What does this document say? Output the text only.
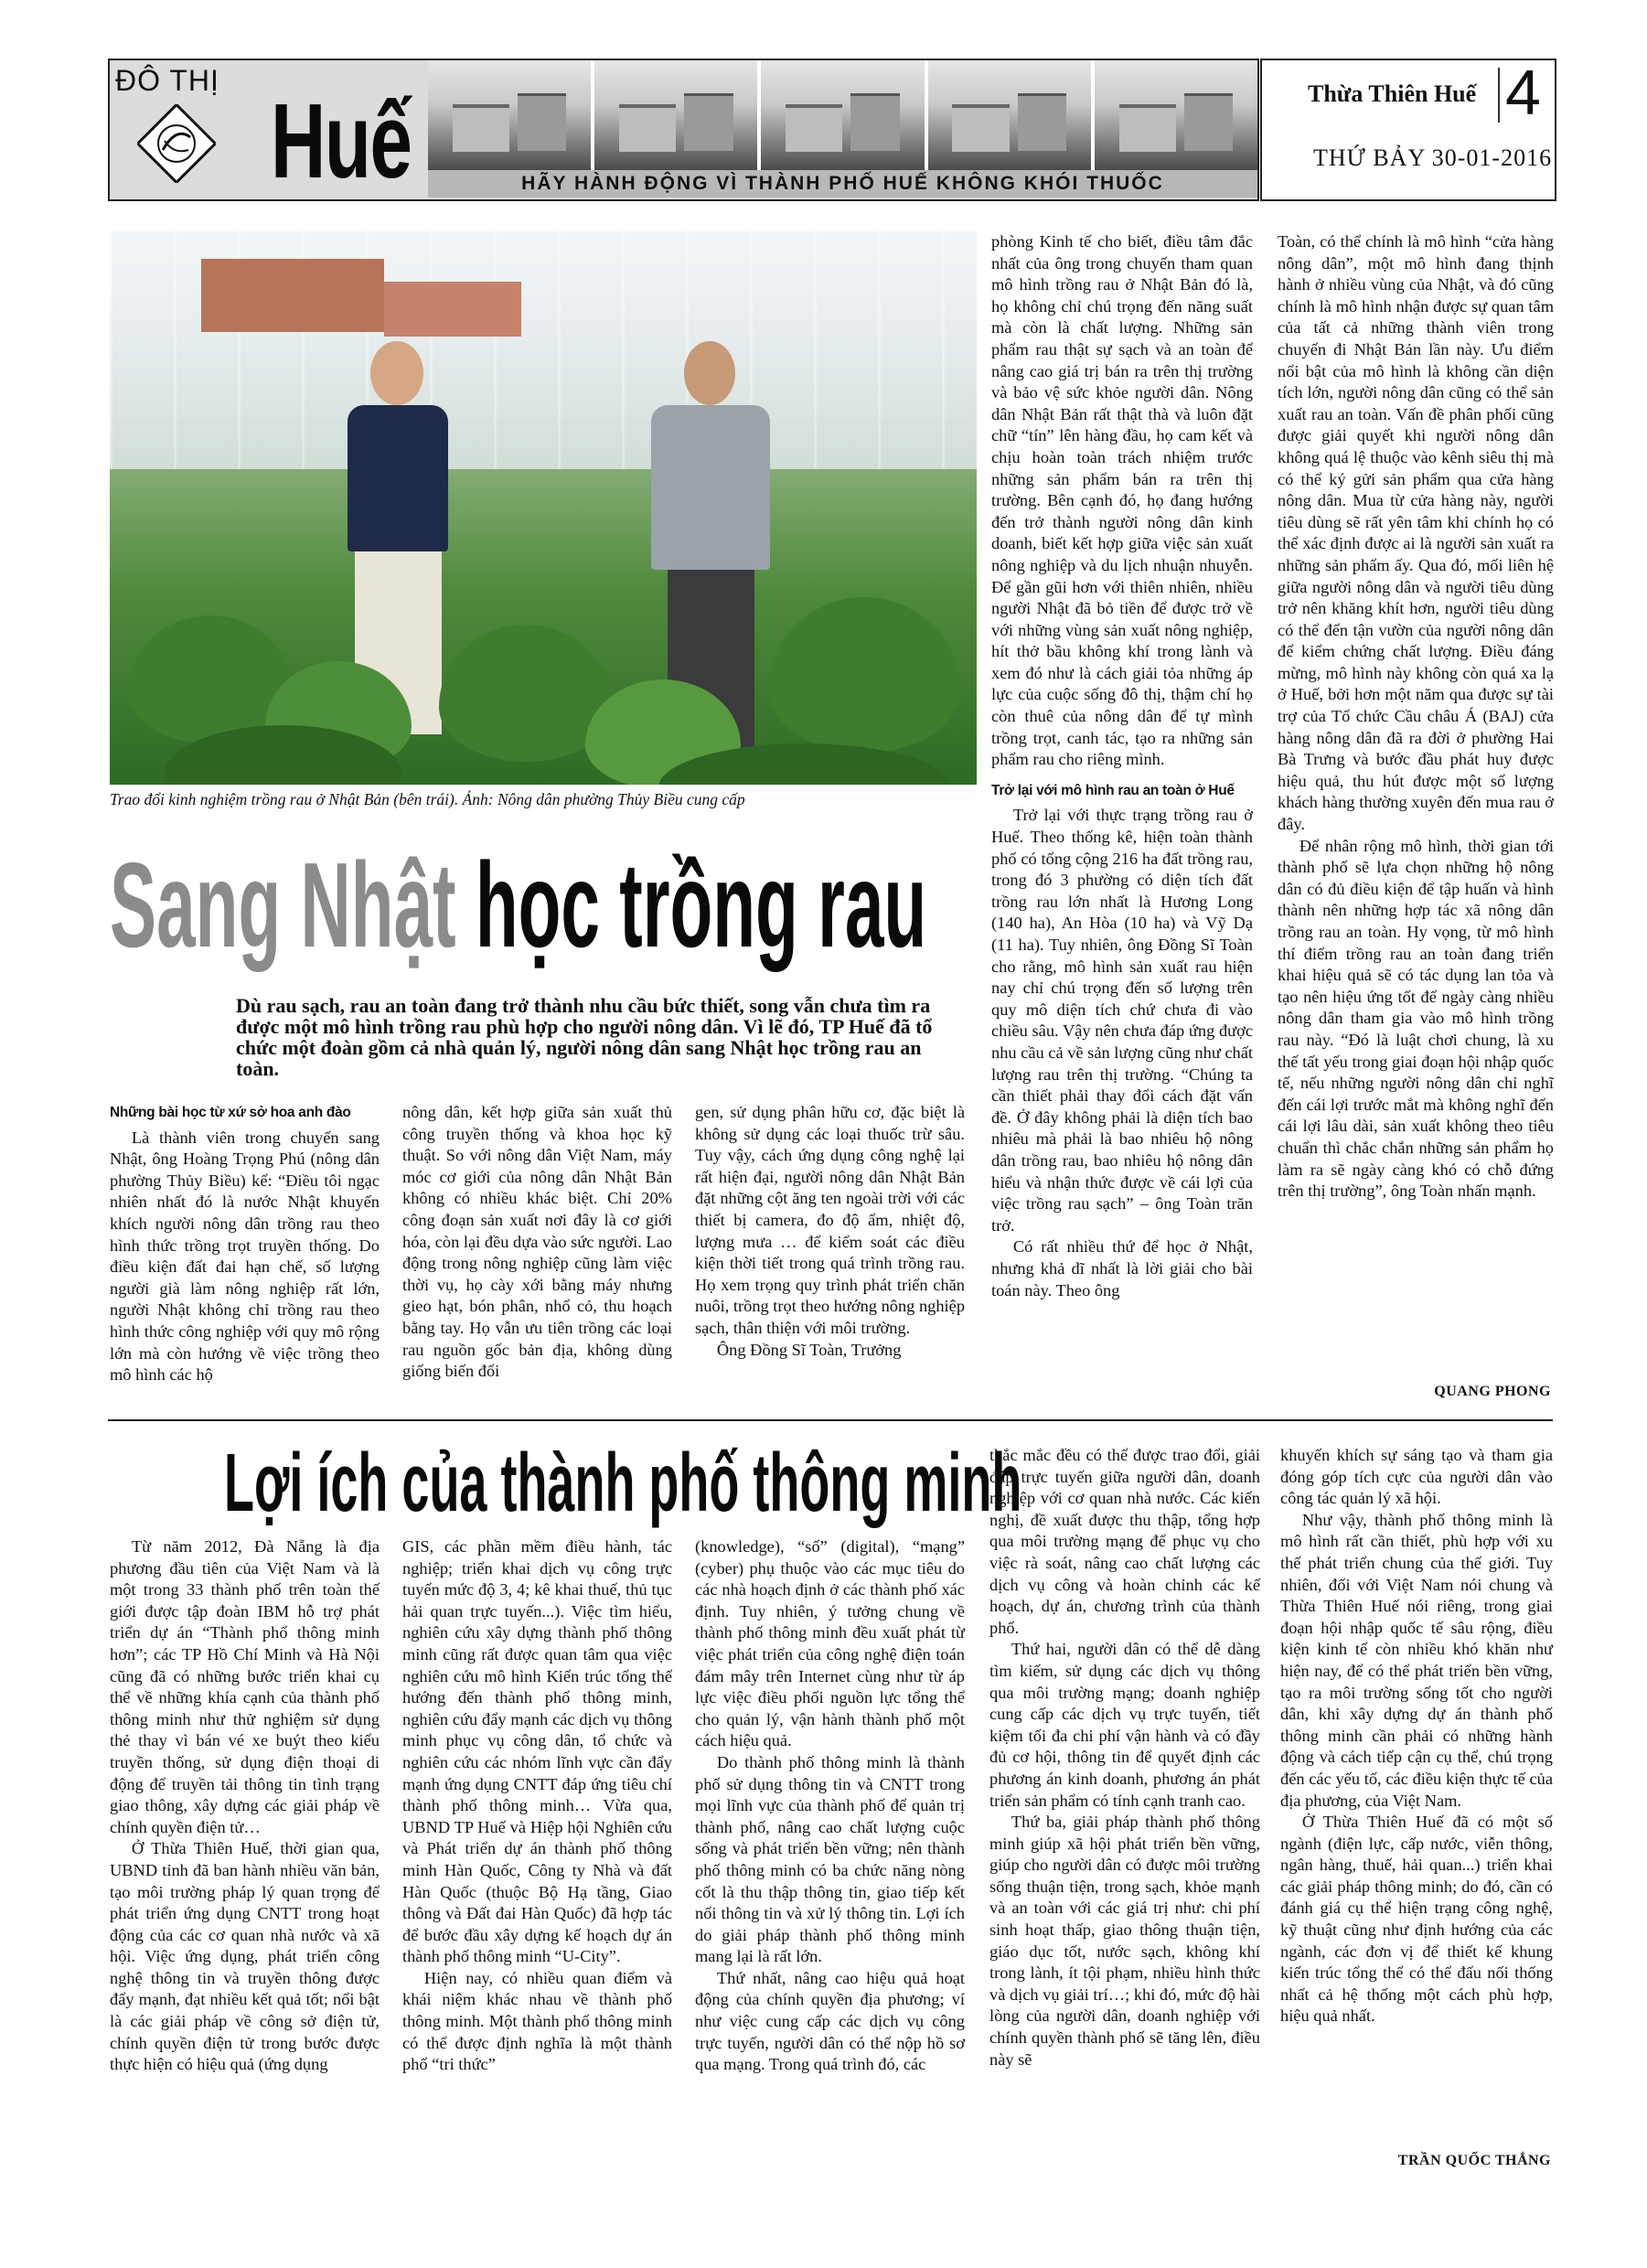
ĐÔ THỊ
Huế	HÃY HÀNH ĐỘNG VÌ THÀNH PHỐ HUẾ KHÔNG KHÓI THUỐC
Thừa Thiên Huế 4
THỨ BẢY 30-01-2016
Trao đổi kinh nghiệm trồng rau ở Nhật Bản (bên trái). Ảnh: Nông dân phường Thủy Biều cung cấp
Sang Nhật học trồng rau
Dù rau sạch, rau an toàn đang trở thành nhu cầu bức thiết, song vẫn chưa tìm ra được một mô hình trồng rau phù hợp cho người nông dân. Vì lẽ đó, TP Huế đã tổ chức một đoàn gồm cả nhà quản lý, người nông dân sang Nhật học trồng rau an toàn.
Những bài học từ xứ sở hoa anh đào

Là thành viên trong chuyến sang Nhật, ông Hoàng Trọng Phú (nông dân phường Thủy Biều) kể: “Điều tôi ngạc nhiên nhất đó là nước Nhật khuyến khích người nông dân trồng rau theo hình thức trồng trọt truyền thống. Do điều kiện đất đai hạn chế, số lượng người già làm nông nghiệp rất lớn, người Nhật không chỉ trồng rau theo hình thức công nghiệp với quy mô rộng lớn mà còn hướng về việc trồng theo mô hình các hộ

nông dân, kết hợp giữa sản xuất thủ công truyền thống và khoa học kỹ thuật. So với nông dân Việt Nam, máy móc cơ giới của nông dân Nhật Bản không có nhiều khác biệt. Chỉ 20% công đoạn sản xuất nơi đây là cơ giới hóa, còn lại đều dựa vào sức người. Lao động trong nông nghiệp cũng làm việc thời vụ, họ cày xới bằng máy nhưng gieo hạt, bón phân, nhổ cỏ, thu hoạch bằng tay. Họ vẫn ưu tiên trồng các loại rau nguồn gốc bản địa, không dùng giống biến đổi

gen, sử dụng phân hữu cơ, đặc biệt là không sử dụng các loại thuốc trừ sâu. Tuy vậy, cách ứng dụng công nghệ lại rất hiện đại, người nông dân Nhật Bản đặt những cột ăng ten ngoài trời với các thiết bị camera, đo độ ẩm, nhiệt độ, lượng mưa … để kiểm soát các điều kiện thời tiết trong quá trình trồng rau. Họ xem trọng quy trình phát triển chăn nuôi, trồng trọt theo hướng nông nghiệp sạch, thân thiện với môi trường.

Ông Đồng Sĩ Toàn, Trưởng

phòng Kinh tế cho biết, điều tâm đắc nhất của ông trong chuyến tham quan mô hình trồng rau ở Nhật Bản đó là, họ không chỉ chú trọng đến năng suất mà còn là chất lượng. Những sản phẩm rau thật sự sạch và an toàn để nâng cao giá trị bán ra trên thị trường và bảo vệ sức khỏe người dân. Nông dân Nhật Bản rất thật thà và luôn đặt chữ “tín” lên hàng đầu, họ cam kết và chịu hoàn toàn trách nhiệm trước những sản phẩm bán ra trên thị trường. Bên cạnh đó, họ đang hướng đến trở thành người nông dân kinh doanh, biết kết hợp giữa việc sản xuất nông nghiệp và du lịch nhuận nhuyễn. Để gần gũi hơn với thiên nhiên, nhiều người Nhật đã bỏ tiền để được trở về với những vùng sản xuất nông nghiệp, hít thở bầu không khí trong lành và xem đó như là cách giải tỏa những áp lực của cuộc sống đô thị, thậm chí họ còn thuê của nông dân để tự mình trồng trọt, canh tác, tạo ra những sản phẩm rau cho riêng mình.

Trở lại với mô hình rau an toàn ở Huế

Trở lại với thực trạng trồng rau ở Huế. Theo thống kê, hiện toàn thành phố có tổng cộng 216 ha đất trồng rau, trong đó 3 phường có diện tích đất trồng rau lớn nhất là Hương Long (140 ha), An Hòa (10 ha) và Vỹ Dạ (11 ha). Tuy nhiên, ông Đồng Sĩ Toàn cho rằng, mô hình sản xuất rau hiện nay chỉ chú trọng đến số lượng trên quy mô diện tích chứ chưa đi vào chiều sâu. Vậy nên chưa đáp ứng được nhu cầu cả về sản lượng cũng như chất lượng rau trên thị trường. “Chúng ta cần thiết phải thay đổi cách đặt vấn đề. Ở đây không phải là diện tích bao nhiêu mà phải là bao nhiêu hộ nông dân trồng rau, bao nhiêu hộ nông dân hiểu và nhận thức được về cái lợi của việc trồng rau sạch” – ông Toàn trăn trở.

Có rất nhiều thứ để học ở Nhật, nhưng khả dĩ nhất là lời giải cho bài toán này. Theo ông

Toàn, có thể chính là mô hình “cửa hàng nông dân”, một mô hình đang thịnh hành ở nhiều vùng của Nhật, và đó cũng chính là mô hình nhận được sự quan tâm của tất cả những thành viên trong chuyến đi Nhật Bản lần này. Ưu điểm nổi bật của mô hình là không cần diện tích lớn, người nông dân cũng có thể sản xuất rau an toàn. Vấn đề phân phối cũng được giải quyết khi người nông dân không quá lệ thuộc vào kênh siêu thị mà có thể ký gửi sản phẩm qua cửa hàng nông dân. Mua từ cửa hàng này, người tiêu dùng sẽ rất yên tâm khi chính họ có thể xác định được ai là người sản xuất ra những sản phẩm ấy. Qua đó, mối liên hệ giữa người nông dân và người tiêu dùng trở nên khăng khít hơn, người tiêu dùng có thể đến tận vườn của người nông dân để kiểm chứng chất lượng. Điều đáng mừng, mô hình này không còn quá xa lạ ở Huế, bởi hơn một năm qua được sự tài trợ của Tổ chức Cầu châu Á (BAJ) cửa hàng nông dân đã ra đời ở phường Hai Bà Trưng và bước đầu phát huy được hiệu quả, thu hút được một số lượng khách hàng thường xuyên đến mua rau ở đây.

Để nhân rộng mô hình, thời gian tới thành phố sẽ lựa chọn những hộ nông dân có đủ điều kiện để tập huấn và hình thành nên những hợp tác xã nông dân trồng rau an toàn. Hy vọng, từ mô hình thí điểm trồng rau an toàn đang triển khai hiệu quả sẽ có tác dụng lan tỏa và tạo nên hiệu ứng tốt để ngày càng nhiều nông dân tham gia vào mô hình trồng rau này. “Đó là luật chơi chung, là xu thế tất yếu trong giai đoạn hội nhập quốc tế, nếu những người nông dân chỉ nghĩ đến cái lợi trước mắt mà không nghĩ đến cái lợi lâu dài, sản xuất không theo tiêu chuẩn thì chắc chắn những sản phẩm họ làm ra sẽ ngày càng khó có chỗ đứng trên thị trường”, ông Toàn nhấn mạnh.

QUANG PHONG
Lợi ích của thành phố thông minh

Từ năm 2012, Đà Nẵng là địa phương đầu tiên của Việt Nam và là một trong 33 thành phố trên toàn thế giới được tập đoàn IBM hỗ trợ phát triển dự án “Thành phố thông minh hơn”; các TP Hồ Chí Minh và Hà Nội cũng đã có những bước triển khai cụ thể về những khía cạnh của thành phố thông minh như thử nghiệm sử dụng thẻ thay vì bán vé xe buýt theo kiểu truyền thống, sử dụng điện thoại di động để truyền tải thông tin tình trạng giao thông, xây dựng các giải pháp về chính quyền điện tử…

Ở Thừa Thiên Huế, thời gian qua, UBND tỉnh đã ban hành nhiều văn bản, tạo môi trường pháp lý quan trọng để phát triển ứng dụng CNTT trong hoạt động của các cơ quan nhà nước và xã hội. Việc ứng dụng, phát triển công nghệ thông tin và truyền thông được đẩy mạnh, đạt nhiều kết quả tốt; nổi bật là các giải pháp về công sở điện tử, chính quyền điện tử trong bước được thực hiện có hiệu quả (ứng dụng

GIS, các phần mềm điều hành, tác nghiệp; triển khai dịch vụ công trực tuyến mức độ 3, 4; kê khai thuế, thủ tục hải quan trực tuyến...). Việc tìm hiểu, nghiên cứu xây dựng thành phố thông minh cũng rất được quan tâm qua việc nghiên cứu mô hình Kiến trúc tổng thể hướng đến thành phố thông minh, nghiên cứu đẩy mạnh các dịch vụ thông minh phục vụ công dân, tổ chức và nghiên cứu các nhóm lĩnh vực cần đẩy mạnh ứng dụng CNTT đáp ứng tiêu chí thành phố thông minh… Vừa qua, UBND TP Huế và Hiệp hội Nghiên cứu và Phát triển dự án thành phố thông minh Hàn Quốc, Công ty Nhà và đất Hàn Quốc (thuộc Bộ Hạ tầng, Giao thông và Đất đai Hàn Quốc) đã hợp tác để bước đầu xây dựng kế hoạch dự án thành phố thông minh “U-City”.

Hiện nay, có nhiều quan điểm và khái niệm khác nhau về thành phố thông minh. Một thành phố thông minh có thể được định nghĩa là một thành phố “tri thức”

(knowledge), “số” (digital), “mạng” (cyber) phụ thuộc vào các mục tiêu do các nhà hoạch định ở các thành phố xác định. Tuy nhiên, ý tưởng chung về thành phố thông minh đều xuất phát từ việc phát triển của công nghệ điện toán đám mây trên Internet cùng như từ áp lực việc điều phối nguồn lực tổng thể cho quản lý, vận hành thành phố một cách hiệu quả.

Do thành phố thông minh là thành phố sử dụng thông tin và CNTT trong mọi lĩnh vực của thành phố để quản trị thành phố, nâng cao chất lượng cuộc sống và phát triển bền vững; nên thành phố thông minh có ba chức năng nòng cốt là thu thập thông tin, giao tiếp kết nối thông tin và xử lý thông tin. Lợi ích do giải pháp thành phố thông minh mang lại là rất lớn.

Thứ nhất, nâng cao hiệu quả hoạt động của chính quyền địa phương; ví như việc cung cấp các dịch vụ công trực tuyến, người dân có thể nộp hồ sơ qua mạng. Trong quá trình đó, các

thắc mắc đều có thể được trao đổi, giải đáp trực tuyến giữa người dân, doanh nghiệp với cơ quan nhà nước. Các kiến nghị, đề xuất được thu thập, tổng hợp qua môi trường mạng để phục vụ cho việc rà soát, nâng cao chất lượng các dịch vụ công và hoàn chỉnh các kế hoạch, dự án, chương trình của thành phố.

Thứ hai, người dân có thể dễ dàng tìm kiếm, sử dụng các dịch vụ thông qua môi trường mạng; doanh nghiệp cung cấp các dịch vụ trực tuyến, tiết kiệm tối đa chi phí vận hành và có đầy đủ cơ hội, thông tin để quyết định các phương án kinh doanh, phương án phát triển sản phẩm có tính cạnh tranh cao.

Thứ ba, giải pháp thành phố thông minh giúp xã hội phát triển bền vững, giúp cho người dân có được môi trường sống thuận tiện, trong sạch, khỏe mạnh và an toàn với các giá trị như: chi phí sinh hoạt thấp, giao thông thuận tiện, giáo dục tốt, nước sạch, không khí trong lành, ít tội phạm, nhiều hình thức và dịch vụ giải trí…; khi đó, mức độ hài lòng của người dân, doanh nghiệp với chính quyền thành phố sẽ tăng lên, điều này sẽ

khuyến khích sự sáng tạo và tham gia đóng góp tích cực của người dân vào công tác quản lý xã hội.

Như vậy, thành phố thông minh là mô hình rất cần thiết, phù hợp với xu thế phát triển chung của thế giới. Tuy nhiên, đối với Việt Nam nói chung và Thừa Thiên Huế nói riêng, trong giai đoạn hội nhập quốc tế sâu rộng, điều kiện kinh tế còn nhiều khó khăn như hiện nay, để có thể phát triển bền vững, tạo ra môi trường sống tốt cho người dân, khi xây dựng dự án thành phố thông minh cần phải có những hành động và cách tiếp cận cụ thể, chú trọng đến các yếu tố, các điều kiện thực tế của địa phương, của Việt Nam.

Ở Thừa Thiên Huế đã có một số ngành (điện lực, cấp nước, viễn thông, ngân hàng, thuế, hải quan...) triển khai các giải pháp thông minh; do đó, cần có đánh giá cụ thể hiện trạng công nghệ, kỹ thuật cũng như định hướng của các ngành, các đơn vị để thiết kế khung kiến trúc tổng thể có thể đấu nối thống nhất cả hệ thống một cách phù hợp, hiệu quả nhất.

TRẦN QUỐC THẮNG
